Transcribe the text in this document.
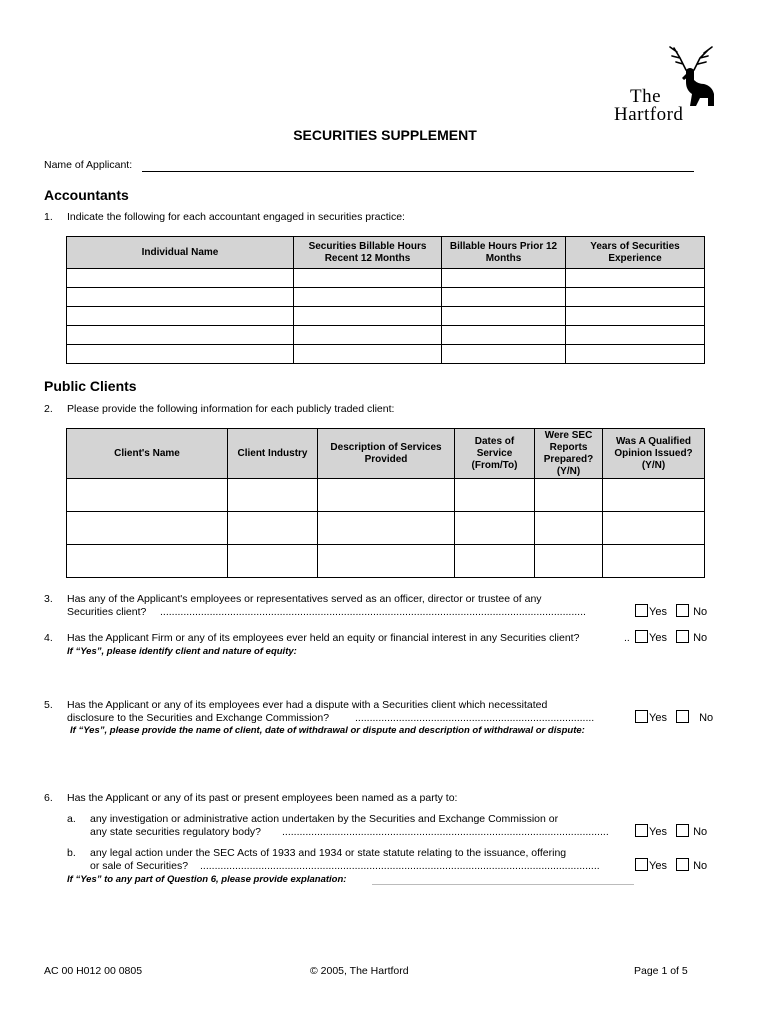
The
Hartford
SECURITIES SUPPLEMENT
Name of Applicant:
Accountants
1. Indicate the following for each accountant engaged in securities practice:
Individual Name	Securities Billable Hours Recent 12 Months	Billable Hours Prior 12 Months	Years of Securities Experience

Public Clients
2. Please provide the following information for each publicly traded client:
Client's Name	Client Industry	Description of Services Provided	Dates of Service (From/To)	Were SEC Reports Prepared? (Y/N)	Was A Qualified Opinion Issued? (Y/N)

3. Has any of the Applicant's employees or representatives served as an officer, director or trustee of any
Securities client? ..................................................................................................................................................	Yes No
4. Has the Applicant Firm or any of its employees ever held an equity or financial interest in any Securities client?	..	Yes No
If “Yes”, please identify client and nature of equity:
5. Has the Applicant or any of its employees ever had a dispute with a Securities client which necessitated
disclosure to the Securities and Exchange Commission? ..................................................................................	Yes	No
If “Yes”, please provide the name of client, date of withdrawal or dispute and description of withdrawal or dispute:
6. Has the Applicant or any of its past or present employees been named as a party to:
a. any investigation or administrative action undertaken by the Securities and Exchange Commission or
any state securities regulatory body? ................................................................................................................	Yes No
b. any legal action under the SEC Acts of 1933 and 1934 or state statute relating to the issuance, offering
or sale of Securities? .........................................................................................................................................	Yes No
If “Yes” to any part of Question 6, please provide explanation:
AC 00 H012 00 0805	© 2005, The Hartford	Page 1 of 5
